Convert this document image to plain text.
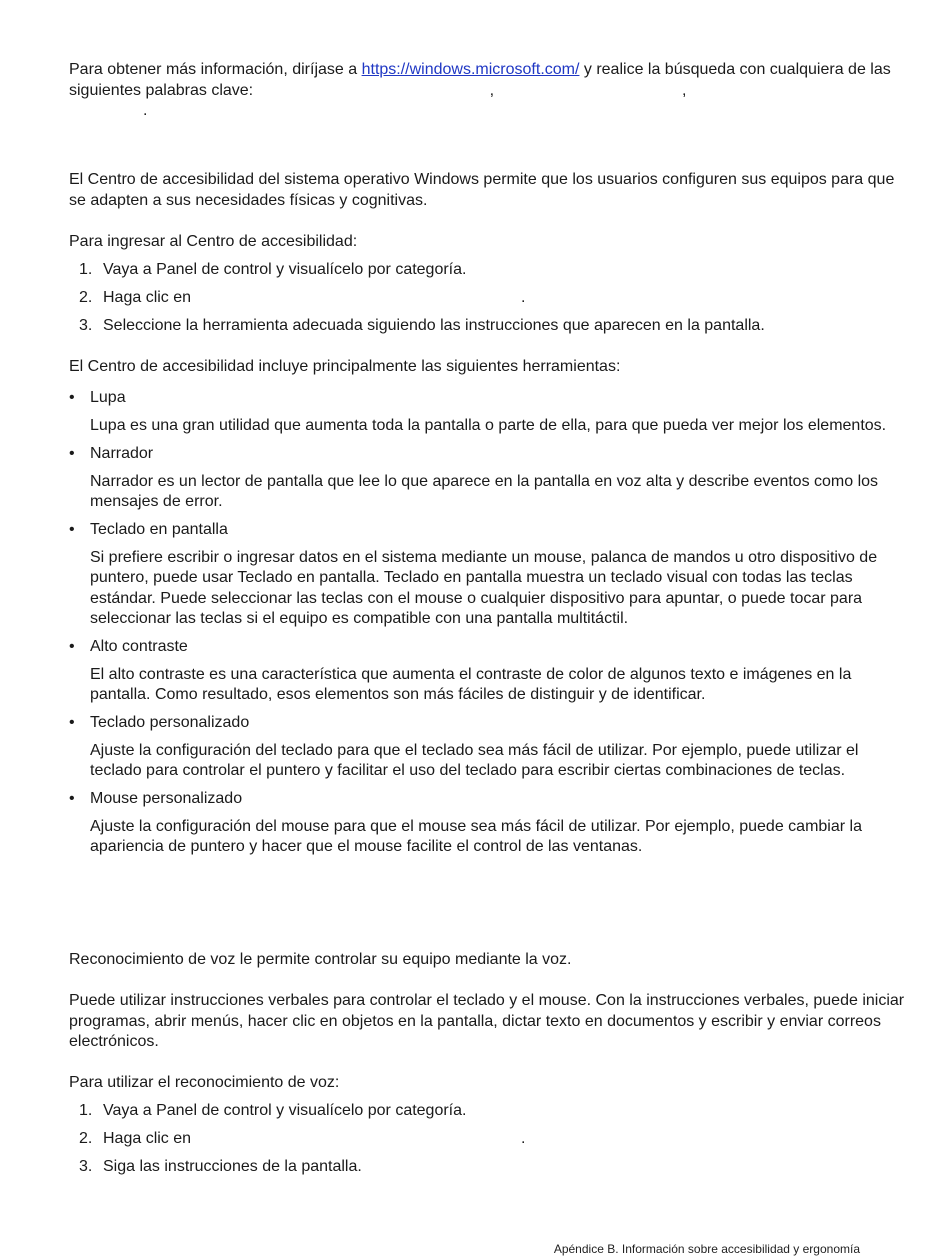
Para obtener más información, diríjase a https://windows.microsoft.com/ y realice la búsqueda con cualquiera de las siguientes palabras clave:	,	,
.

El Centro de accesibilidad del sistema operativo Windows permite que los usuarios configuren sus equipos para que se adapten a sus necesidades físicas y cognitivas.

Para ingresar al Centro de accesibilidad:

1. Vaya a Panel de control y visualícelo por categoría.
2. Haga clic en	.
3. Seleccione la herramienta adecuada siguiendo las instrucciones que aparecen en la pantalla.

El Centro de accesibilidad incluye principalmente las siguientes herramientas:

• Lupa
Lupa es una gran utilidad que aumenta toda la pantalla o parte de ella, para que pueda ver mejor los elementos.
• Narrador
Narrador es un lector de pantalla que lee lo que aparece en la pantalla en voz alta y describe eventos como los mensajes de error.
• Teclado en pantalla
Si prefiere escribir o ingresar datos en el sistema mediante un mouse, palanca de mandos u otro dispositivo de puntero, puede usar Teclado en pantalla. Teclado en pantalla muestra un teclado visual con todas las teclas estándar. Puede seleccionar las teclas con el mouse o cualquier dispositivo para apuntar, o puede tocar para seleccionar las teclas si el equipo es compatible con una pantalla multitáctil.
• Alto contraste
El alto contraste es una característica que aumenta el contraste de color de algunos texto e imágenes en la pantalla. Como resultado, esos elementos son más fáciles de distinguir y de identificar.
• Teclado personalizado
Ajuste la configuración del teclado para que el teclado sea más fácil de utilizar. Por ejemplo, puede utilizar el teclado para controlar el puntero y facilitar el uso del teclado para escribir ciertas combinaciones de teclas.
• Mouse personalizado
Ajuste la configuración del mouse para que el mouse sea más fácil de utilizar. Por ejemplo, puede cambiar la apariencia de puntero y hacer que el mouse facilite el control de las ventanas.

Reconocimiento de voz le permite controlar su equipo mediante la voz.

Puede utilizar instrucciones verbales para controlar el teclado y el mouse. Con la instrucciones verbales, puede iniciar programas, abrir menús, hacer clic en objetos en la pantalla, dictar texto en documentos y escribir y enviar correos electrónicos.

Para utilizar el reconocimiento de voz:

1. Vaya a Panel de control y visualícelo por categoría.
2. Haga clic en	.
3. Siga las instrucciones de la pantalla.
Apéndice B. Información sobre accesibilidad y ergonomía
